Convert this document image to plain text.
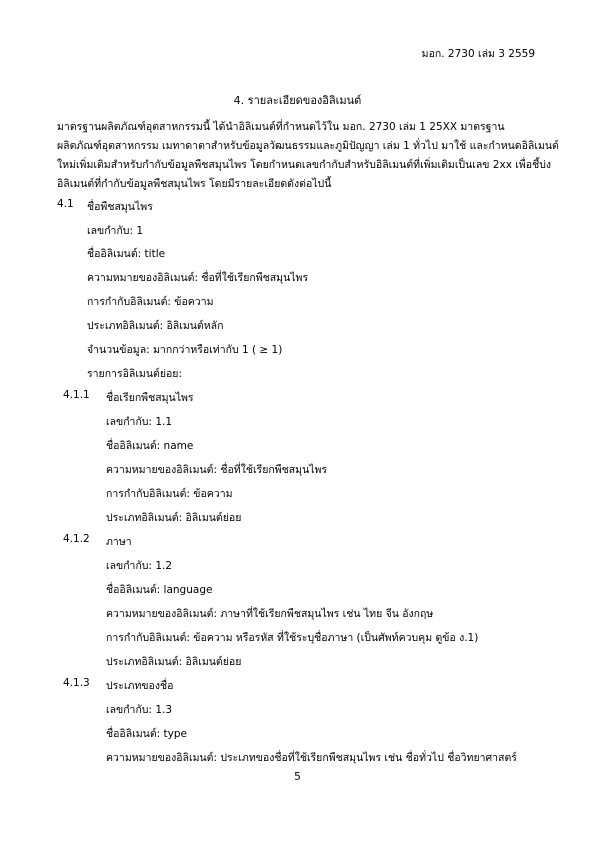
มอก. 2730 เล่ม 3 2559
4. รายละเอียดของอิลิเมนต์
มาตรฐานผลิตภัณฑ์อุตสาหกรรมนี้ ได้นำอิลิเมนต์ที่กำหนดไว้ใน มอก. 2730 เล่ม 1 25XX มาตรฐาน
ผลิตภัณฑ์อุตสาหกรรม เมทาดาตาสำหรับข้อมูลวัฒนธรรมและภูมิปัญญา เล่ม 1 ทั่วไป มาใช้ และกำหนดอิลิเมนต์
ใหม่เพิ่มเติมสำหรับกำกับข้อมูลพืชสมุนไพร โดยกำหนดเลขกำกับสำหรับอิลิเมนต์ที่เพิ่มเติมเป็นเลข 2xx เพื่อชี้บ่ง
อิลิเมนต์ที่กำกับข้อมูลพืชสมุนไพร โดยมีรายละเอียดดังต่อไปนี้
4.1 ชื่อพืชสมุนไพร
เลขกำกับ: 1
ชื่ออิลิเมนต์: title
ความหมายของอิลิเมนต์: ชื่อที่ใช้เรียกพืชสมุนไพร
การกำกับอิลิเมนต์: ข้อความ
ประเภทอิลิเมนต์: อิลิเมนต์หลัก
จำนวนข้อมูล: มากกว่าหรือเท่ากับ 1 ( ≥ 1)
รายการอิลิเมนต์ย่อย:
4.1.1 ชื่อเรียกพืชสมุนไพร
เลขกำกับ: 1.1
ชื่ออิลิเมนต์: name
ความหมายของอิลิเมนต์: ชื่อที่ใช้เรียกพืชสมุนไพร
การกำกับอิลิเมนต์: ข้อความ
ประเภทอิลิเมนต์: อิลิเมนต์ย่อย
4.1.2 ภาษา
เลขกำกับ: 1.2
ชื่ออิลิเมนต์: language
ความหมายของอิลิเมนต์: ภาษาที่ใช้เรียกพืชสมุนไพร เช่น ไทย จีน อังกฤษ
การกำกับอิลิเมนต์: ข้อความ หรือรหัส ที่ใช้ระบุชื่อภาษา (เป็นศัพท์ควบคุม ดูข้อ ง.1)
ประเภทอิลิเมนต์: อิลิเมนต์ย่อย
4.1.3 ประเภทของชื่อ
เลขกำกับ: 1.3
ชื่ออิลิเมนต์: type
ความหมายของอิลิเมนต์: ประเภทของชื่อที่ใช้เรียกพืชสมุนไพร เช่น ชื่อทั่วไป ชื่อวิทยาศาสตร์
5
